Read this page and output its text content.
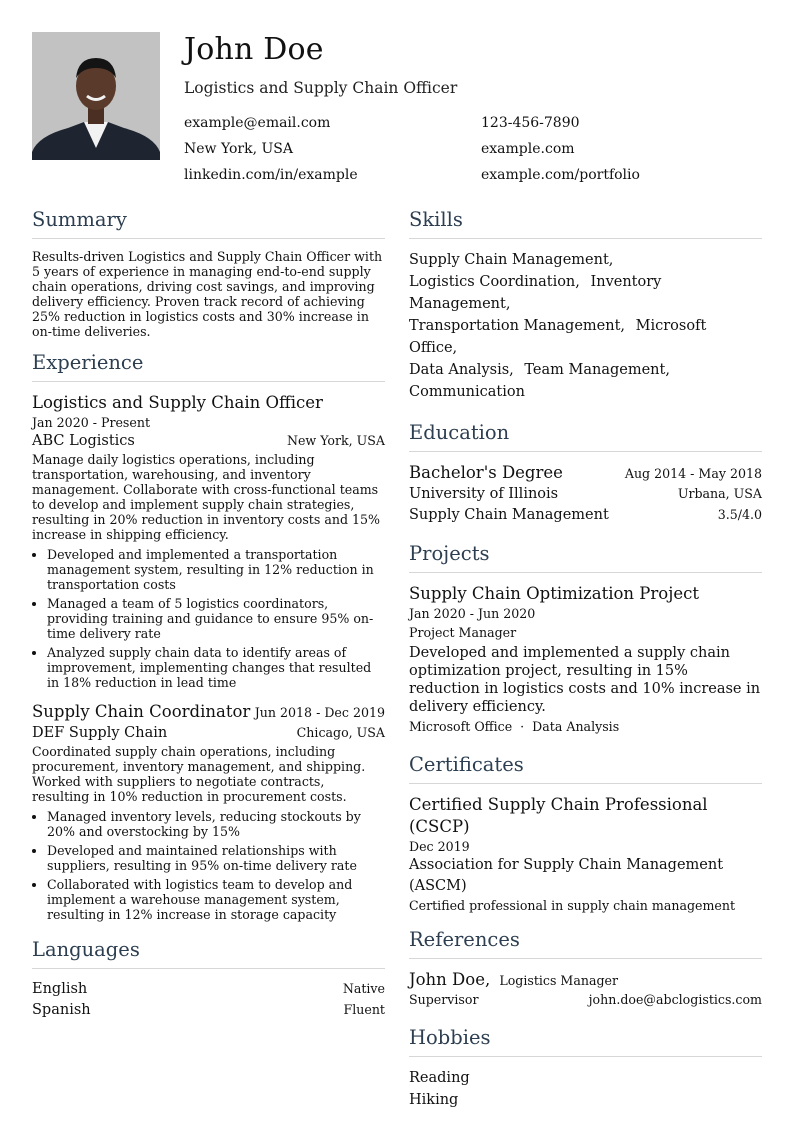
John Doe
Logistics and Supply Chain Officer
example@email.com	123-456-7890
New York, USA	example.com
linkedin.com/in/example	example.com/portfolio
Summary

Results-driven Logistics and Supply Chain Officer with 5 years of experience in managing end-to-end supply chain operations, driving cost savings, and improving delivery efficiency. Proven track record of achieving 25% reduction in logistics costs and 30% increase in on-time deliveries.

Experience
Logistics and Supply Chain Officer
Jan 2020 - Present
ABC Logistics	New York, USA

Manage daily logistics operations, including transportation, warehousing, and inventory management. Collaborate with cross-functional teams to develop and implement supply chain strategies, resulting in 20% reduction in inventory costs and 15% increase in shipping efficiency.

• Developed and implemented a transportation management system, resulting in 12% reduction in transportation costs
• Managed a team of 5 logistics coordinators, providing training and guidance to ensure 95% on-time delivery rate
• Analyzed supply chain data to identify areas of improvement, implementing changes that resulted in 18% reduction in lead time
Supply Chain Coordinator Jun 2018 - Dec 2019
DEF Supply Chain	Chicago, USA

Coordinated supply chain operations, including procurement, inventory management, and shipping. Worked with suppliers to negotiate contracts, resulting in 10% reduction in procurement costs.

• Managed inventory levels, reducing stockouts by 20% and overstocking by 15%
• Developed and maintained relationships with suppliers, resulting in 95% on-time delivery rate
• Collaborated with logistics team to develop and implement a warehouse management system, resulting in 12% increase in storage capacity
Languages
English	Native
Spanish	Fluent
Skills
Supply Chain Management,
Logistics Coordination, Inventory Management,
Transportation Management, Microsoft Office,
Data Analysis, Team Management,
Communication
Education
Bachelor's Degree	Aug 2014 - May 2018
University of Illinois	Urbana, USA
Supply Chain Management	3.5/4.0
Projects
Supply Chain Optimization Project
Jan 2020 - Jun 2020
Project Manager
Developed and implemented a supply chain optimization project, resulting in 15% reduction in logistics costs and 10% increase in delivery efficiency.
Microsoft Office · Data Analysis
Certificates
Certified Supply Chain Professional (CSCP)
Dec 2019
Association for Supply Chain Management (ASCM)
Certified professional in supply chain management
References
John Doe, Logistics Manager
Supervisor	john.doe@abclogistics.com
Hobbies
Reading
Hiking
